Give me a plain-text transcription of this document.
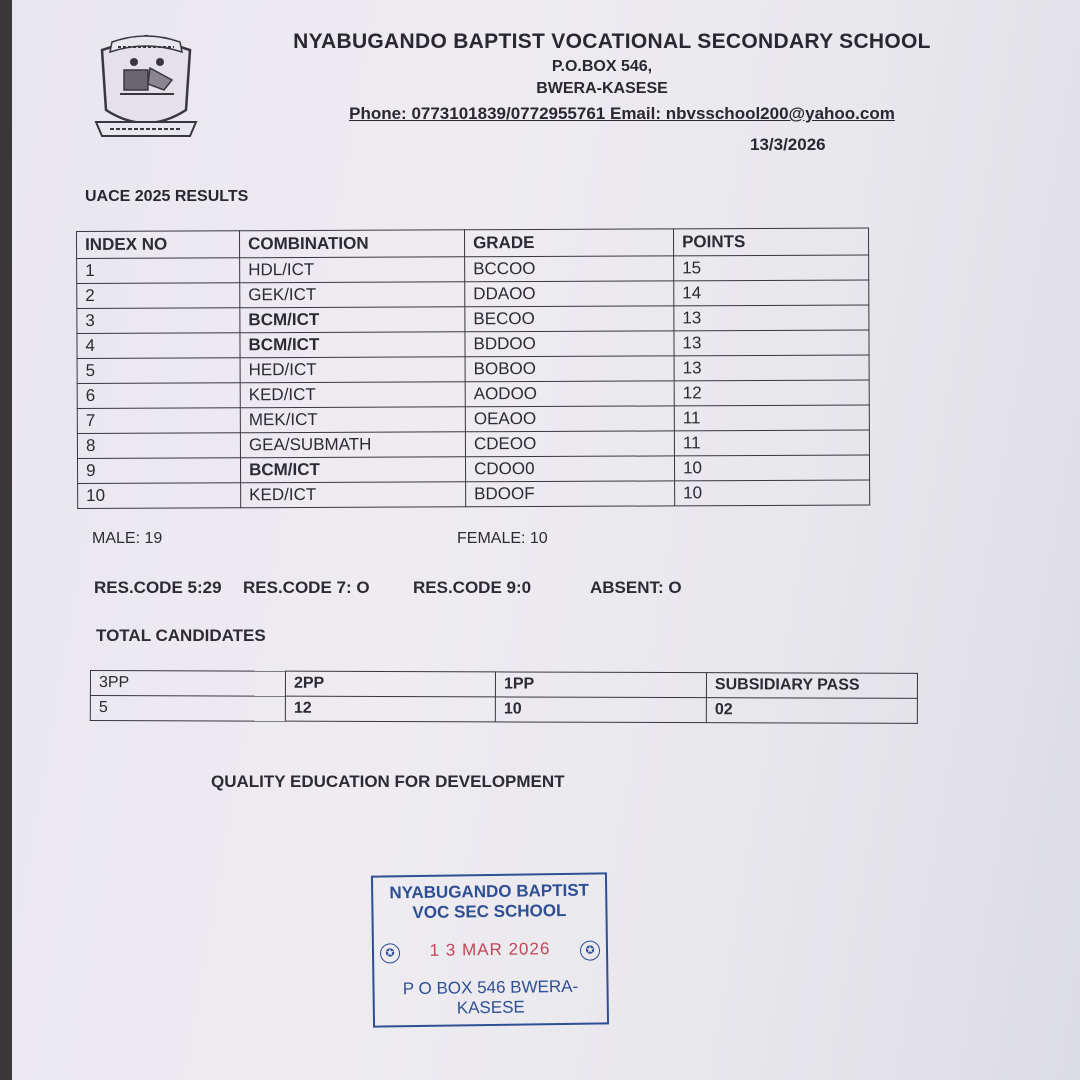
NYABUGANDO BAPTIST VOCATIONAL SECONDARY SCHOOL
P.O.BOX 546,
BWERA-KASESE
Phone: 0773101839/0772955761 Email: nbvsschool200@yahoo.com
13/3/2026
UACE 2025 RESULTS
INDEX NO	COMBINATION	GRADE	POINTS
1	HDL/ICT	BCCOO	15
2	GEK/ICT	DDAOO	14
3	BCM/ICT	BECOO	13
4	BCM/ICT	BDDOO	13
5	HED/ICT	BOBOO	13
6	KED/ICT	AODOO	12
7	MEK/ICT	OEAOO	11
8	GEA/SUBMATH	CDEOO	11
9	BCM/ICT	CDOO0	10
10	KED/ICT	BDOOF	10
MALE: 19	FEMALE: 10
RES.CODE 5:29 RES.CODE 7: O	RES.CODE 9:0	ABSENT: O
TOTAL CANDIDATES
3PP	2PP	1PP	SUBSIDIARY PASS
5	12	10	02
QUALITY EDUCATION FOR DEVELOPMENT
NYABUGANDO BAPTIST
VOC SEC SCHOOL
✪	1 3 MAR 2026	✪
P O BOX 546 BWERA-KASESE
